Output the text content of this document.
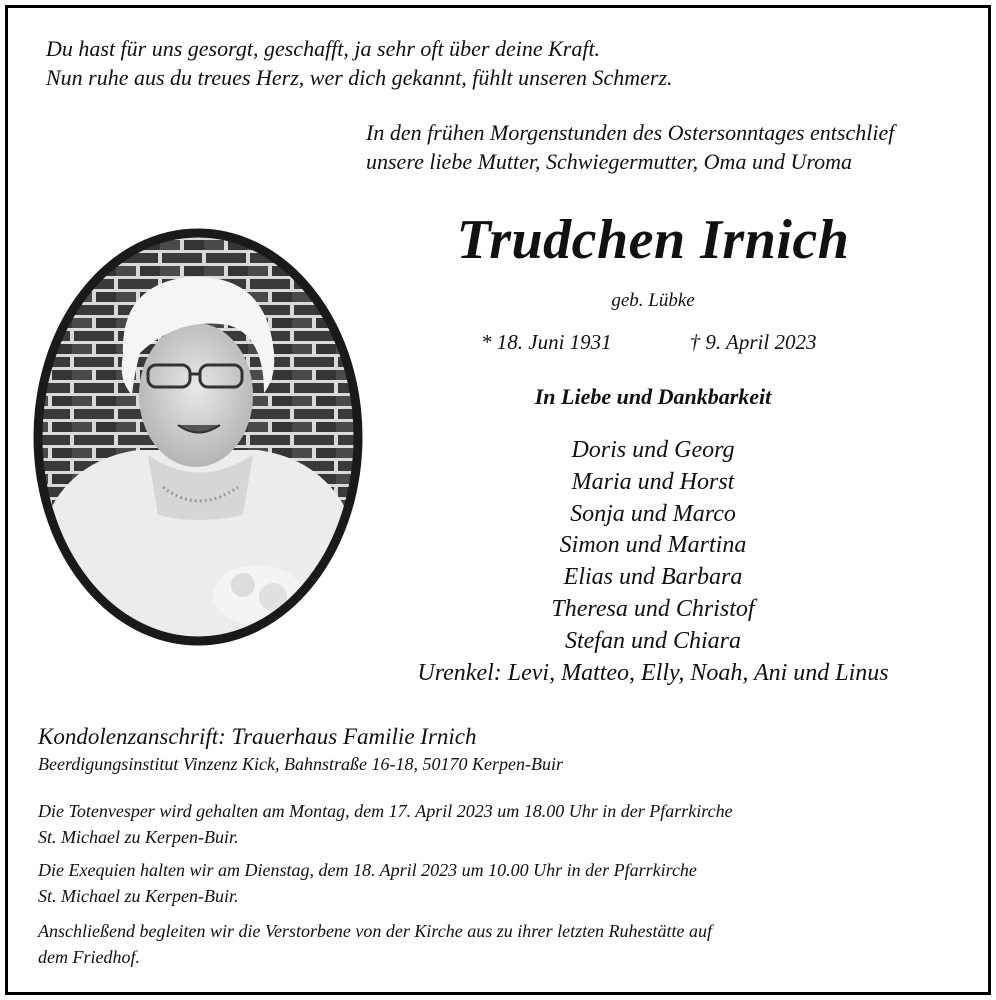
Du hast für uns gesorgt, geschafft, ja sehr oft über deine Kraft.
Nun ruhe aus du treues Herz, wer dich gekannt, fühlt unseren Schmerz.
In den frühen Morgenstunden des Ostersonntages entschlief
unsere liebe Mutter, Schwiegermutter, Oma und Uroma
Trudchen Irnich
geb. Lübke
* 18. Juni 1931	† 9. April 2023
In Liebe und Dankbarkeit
Doris und Georg
Maria und Horst
Sonja und Marco
Simon und Martina
Elias und Barbara
Theresa und Christof
Stefan und Chiara
Urenkel: Levi, Matteo, Elly, Noah, Ani und Linus
Kondolenzanschrift: Trauerhaus Familie Irnich
Beerdigungsinstitut Vinzenz Kick, Bahnstraße 16-18, 50170 Kerpen-Buir
Die Totenvesper wird gehalten am Montag, dem 17. April 2023 um 18.00 Uhr in der Pfarrkirche
St. Michael zu Kerpen-Buir.
Die Exequien halten wir am Dienstag, dem 18. April 2023 um 10.00 Uhr in der Pfarrkirche
St. Michael zu Kerpen-Buir.
Anschließend begleiten wir die Verstorbene von der Kirche aus zu ihrer letzten Ruhestätte auf
dem Friedhof.
